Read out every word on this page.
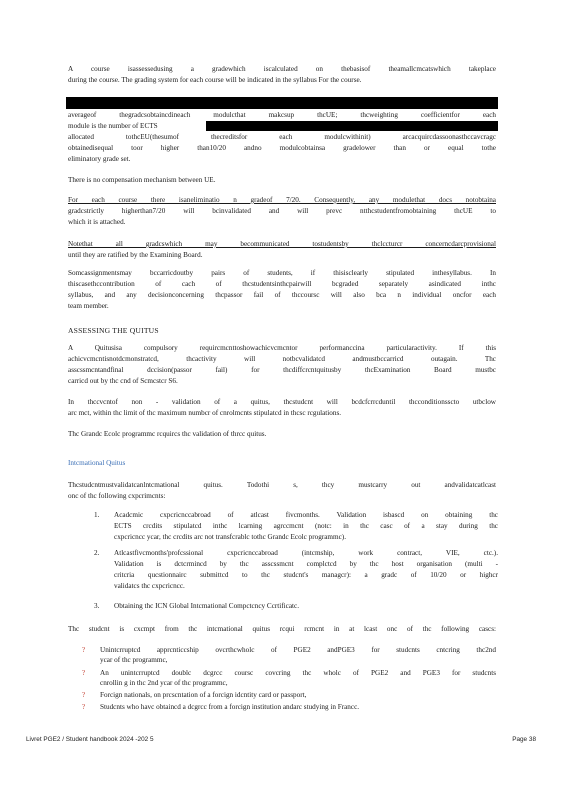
A course isassessedusing a gradewhich iscalculated on thebasisof theamallcmcatswhich takeplace
during the course. The grading system for each course will be indicated in the syllabus For the course.
averageof thegradcsobtaincdineach modulcthat makcsup thcUE; thcweighting coefficientfor each
module is the number of ECTS
allocated tothcEU(thesumof thecreditsfor each modulcwithinit) arcacquircdassoonasthccavcragc
obtainedisequal toor higher than10/20 andno modulcobtainsa gradelower than or equal tothe
eliminatory grade set.
There is no compensation mechanism between UE.
For each course there isaneliminatio n gradeof 7/20. Consequently, any modulethat docs notobtaina
gradcstrictly higherthan7/20 will bcinvalidated and will prevc ntthcstudentfromobtaining thcUE to
which it is attached.
Notethat all gradcswhich may becommunicated tostudentsby thclccturcr concerncdarcprovisional
until they are ratified by the Examining Board.
Somcassignmentsmay bccarricdoutby pairs of students, if thisisclearly stipulated inthesyllabus. In
thiscasethccontribution of cach of thcstudentsinthcpairwill bcgraded separately asindicated inthc
syllabus, and any decisionconcerning thcpassor fail of thccoursc will also bca n individual oncfor each
team member.
ASSESSING THE QUITUS
A Quitusisa compulsory requircmcnttoshowachicvcmcntor performanccina particularactivity. If this
achicvcmcntisnotdcmonstratcd, thcactivity will notbcvalidatcd andmustbccarricd outagain. Thc
asscssmcntandfinal dccision(passor fail) for thcdiffcrcntquitusby thcExamination Board mustbc
carricd out by thc cnd of Scmcstcr S6.
In thccvcntof non - validation of a quitus, thcstudcnt will bcdcfcrrcduntil thcconditionsscto utbclow
arc mct, within thc limit of thc maximum numbcr of cnrolmcnts stipulatcd in thcsc rcgulations.
Thc Grandc Ecolc programmc rcquircs thc validation of thrcc quitus.
Intcmational Quitus
Thcstudcntmustvalidatcanlntcmational quitus. Todothi s, thcy mustcarry out andvalidatcatlcast
onc of thc following cxpcrimcnts:
1. Acadcmic cxpcricnccabroad of atlcast fivcmonths. Validation isbascd on obtaining thc
ECTS crcdits stipulatcd inthc lcarning agrccmcnt (notc: in thc casc of a stay during thc
cxpcricncc ycar, thc crcdits arc not transfcrablc tothc Grandc Ecolc programmc).
2. Atlcastfivcmonths'profcssional cxpcricnccabroad (intcmship, work contract, VIE, ctc.).
Validation is dctcrmincd by thc asscssmcnt complctcd by thc host organisation (multi -
critcria qucstionnairc submittcd to thc studcnt's managcr): a gradc of 10/20 or highcr
validatcs thc cxpcricncc.
3. Obtaining thc ICN Global Intcmational Compctcncy Ccrtificatc.
Thc studcnt is cxcmpt from thc intcmational quitus rcqui rcmcnt in at lcast onc of thc following cascs:
? Unintcrruptcd apprcnticcship ovcrthcwholc of PGE2 andPGE3 for studcnts cntcring thc2nd
ycar of thc programmc,
? An unintcrruptcd doublc dcgrcc coursc covcring thc wholc of PGE2 and PGE3 for studcnts
cnrollin g in thc 2nd ycar of thc programmc,
? Forcign nationals, on prcscntation of a forcign idcntity card or passport,
? Studcnts who havc obtaincd a dcgrcc from a forcign institution andarc studying in Francc.
Livret PGE2 / Student handbook 2024 -202 5	Page 38
